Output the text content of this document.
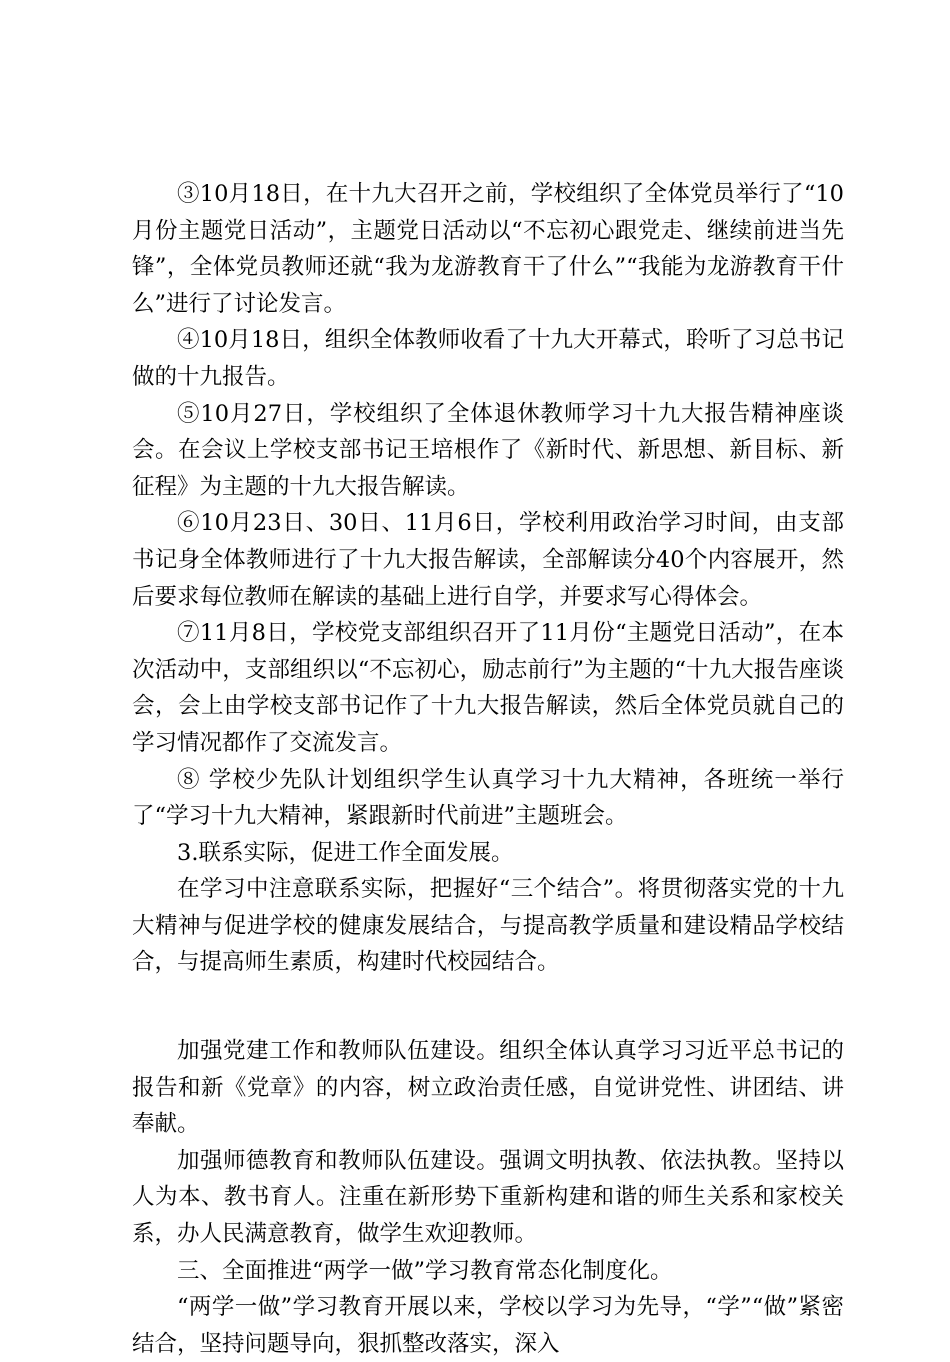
③10月18日，在十九大召开之前，学校组织了全体党员举行了“10月份主题党日活动”，主题党日活动以“不忘初心跟党走、继续前进当先锋”，全体党员教师还就“我为龙游教育干了什么”“我能为龙游教育干什么”进行了讨论发言。

④10月18日，组织全体教师收看了十九大开幕式，聆听了习总书记做的十九报告。

⑤10月27日，学校组织了全体退休教师学习十九大报告精神座谈会。在会议上学校支部书记王培根作了《新时代、新思想、新目标、新征程》为主题的十九大报告解读。

⑥10月23日、30日、11月6日，学校利用政治学习时间，由支部书记身全体教师进行了十九大报告解读，全部解读分40个内容展开，然后要求每位教师在解读的基础上进行自学，并要求写心得体会。

⑦11月8日，学校党支部组织召开了11月份“主题党日活动”，在本次活动中，支部组织以“不忘初心，励志前行”为主题的“十九大报告座谈会，会上由学校支部书记作了十九大报告解读，然后全体党员就自己的学习情况都作了交流发言。

⑧ 学校少先队计划组织学生认真学习十九大精神，各班统一举行了“学习十九大精神，紧跟新时代前进”主题班会。

3.联系实际，促进工作全面发展。

在学习中注意联系实际，把握好“三个结合”。将贯彻落实党的十九大精神与促进学校的健康发展结合，与提高教学质量和建设精品学校结合，与提高师生素质，构建时代校园结合。

加强党建工作和教师队伍建设。组织全体认真学习习近平总书记的报告和新《党章》的内容，树立政治责任感，自觉讲党性、讲团结、讲奉献。

加强师德教育和教师队伍建设。强调文明执教、依法执教。坚持以人为本、教书育人。注重在新形势下重新构建和谐的师生关系和家校关系，办人民满意教育，做学生欢迎教师。

三、全面推进“两学一做”学习教育常态化制度化。

“两学一做”学习教育开展以来，学校以学习为先导，“学”“做”紧密结合，坚持问题导向，狠抓整改落实，深入
